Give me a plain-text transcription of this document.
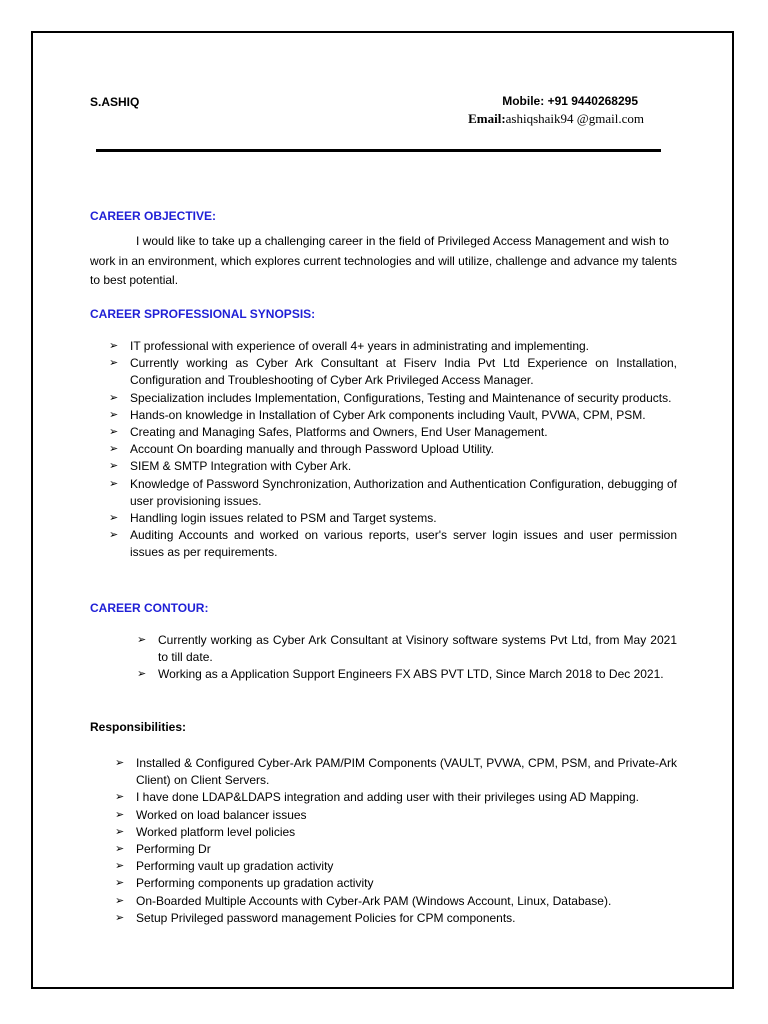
S.ASHIQ	Mobile: +91 9440268295
Email:ashiqshaik94 @gmail.com
CAREER OBJECTIVE:
I would like to take up a challenging career in the field of Privileged Access Management and wish to work in an environment, which explores current technologies and will utilize, challenge and advance my talents to best potential.
CAREER SPROFESSIONAL SYNOPSIS:
➢ IT professional with experience of overall 4+ years in administrating and implementing.
➢ Currently working as Cyber Ark Consultant at Fiserv India Pvt Ltd Experience on Installation, Configuration and Troubleshooting of Cyber Ark Privileged Access Manager.
➢ Specialization includes Implementation, Configurations, Testing and Maintenance of security products.
➢ Hands-on knowledge in Installation of Cyber Ark components including Vault, PVWA, CPM, PSM.
➢ Creating and Managing Safes, Platforms and Owners, End User Management.
➢ Account On boarding manually and through Password Upload Utility.
➢ SIEM & SMTP Integration with Cyber Ark.
➢ Knowledge of Password Synchronization, Authorization and Authentication Configuration, debugging of user provisioning issues.
➢ Handling login issues related to PSM and Target systems.
➢ Auditing Accounts and worked on various reports, user's server login issues and user permission issues as per requirements.
CAREER CONTOUR:
➢ Currently working as Cyber Ark Consultant at Visinory software systems Pvt Ltd, from May 2021 to till date.
➢ Working as a Application Support Engineers FX ABS PVT LTD, Since March 2018 to Dec 2021.
Responsibilities:
➢ Installed & Configured Cyber-Ark PAM/PIM Components (VAULT, PVWA, CPM, PSM, and Private-Ark Client) on Client Servers.
➢ I have done LDAP&LDAPS integration and adding user with their privileges using AD Mapping.
➢ Worked on load balancer issues
➢ Worked platform level policies
➢ Performing Dr
➢ Performing vault up gradation activity
➢ Performing components up gradation activity
➢ On-Boarded Multiple Accounts with Cyber-Ark PAM (Windows Account, Linux, Database).
➢ Setup Privileged password management Policies for CPM components.
